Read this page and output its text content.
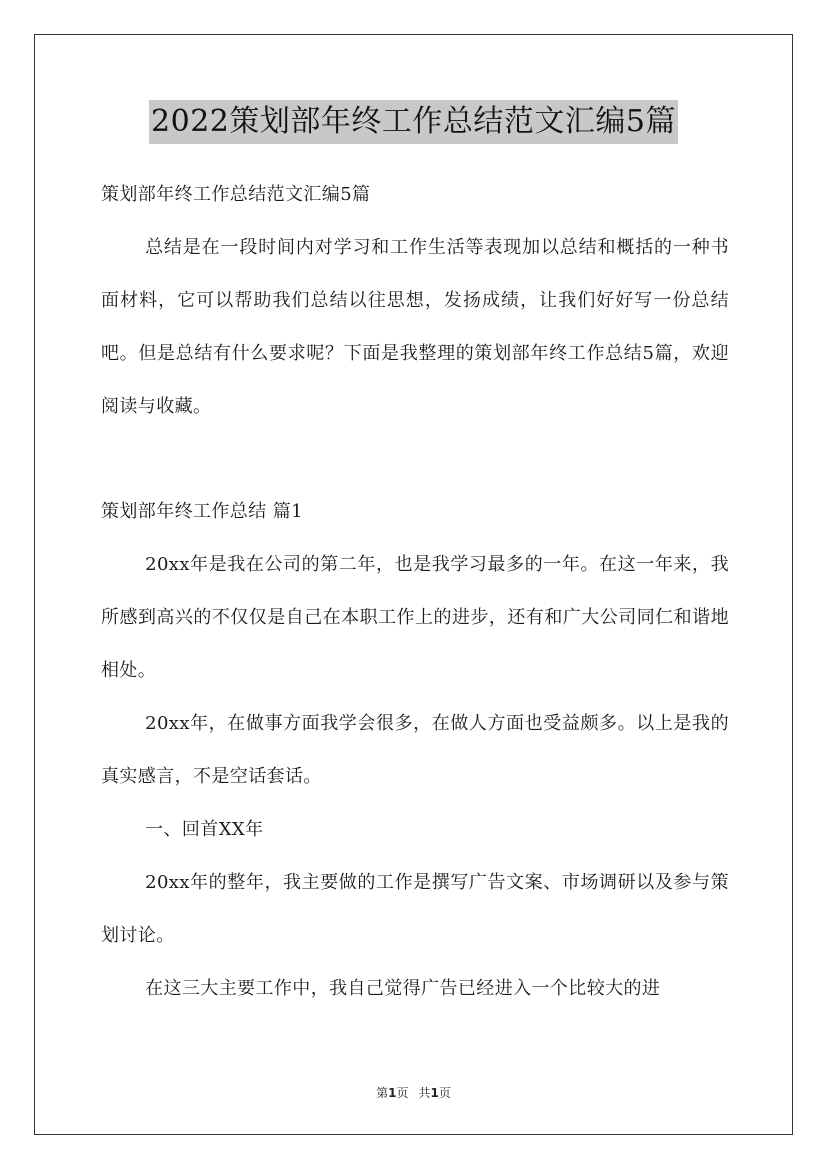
2022策划部年终工作总结范文汇编5篇

策划部年终工作总结范文汇编5篇

总结是在一段时间内对学习和工作生活等表现加以总结和概括的一种书面材料，它可以帮助我们总结以往思想，发扬成绩，让我们好好写一份总结吧。但是总结有什么要求呢？下面是我整理的策划部年终工作总结5篇，欢迎阅读与收藏。

策划部年终工作总结 篇1

20xx年是我在公司的第二年，也是我学习最多的一年。在这一年来，我所感到高兴的不仅仅是自己在本职工作上的进步，还有和广大公司同仁和谐地相处。

20xx年，在做事方面我学会很多，在做人方面也受益颇多。以上是我的真实感言，不是空话套话。

一、回首XX年

20xx年的整年，我主要做的工作是撰写广告文案、市场调研以及参与策划讨论。

在这三大主要工作中，我自己觉得广告已经进入一个比较大的进

第1页 共1页
